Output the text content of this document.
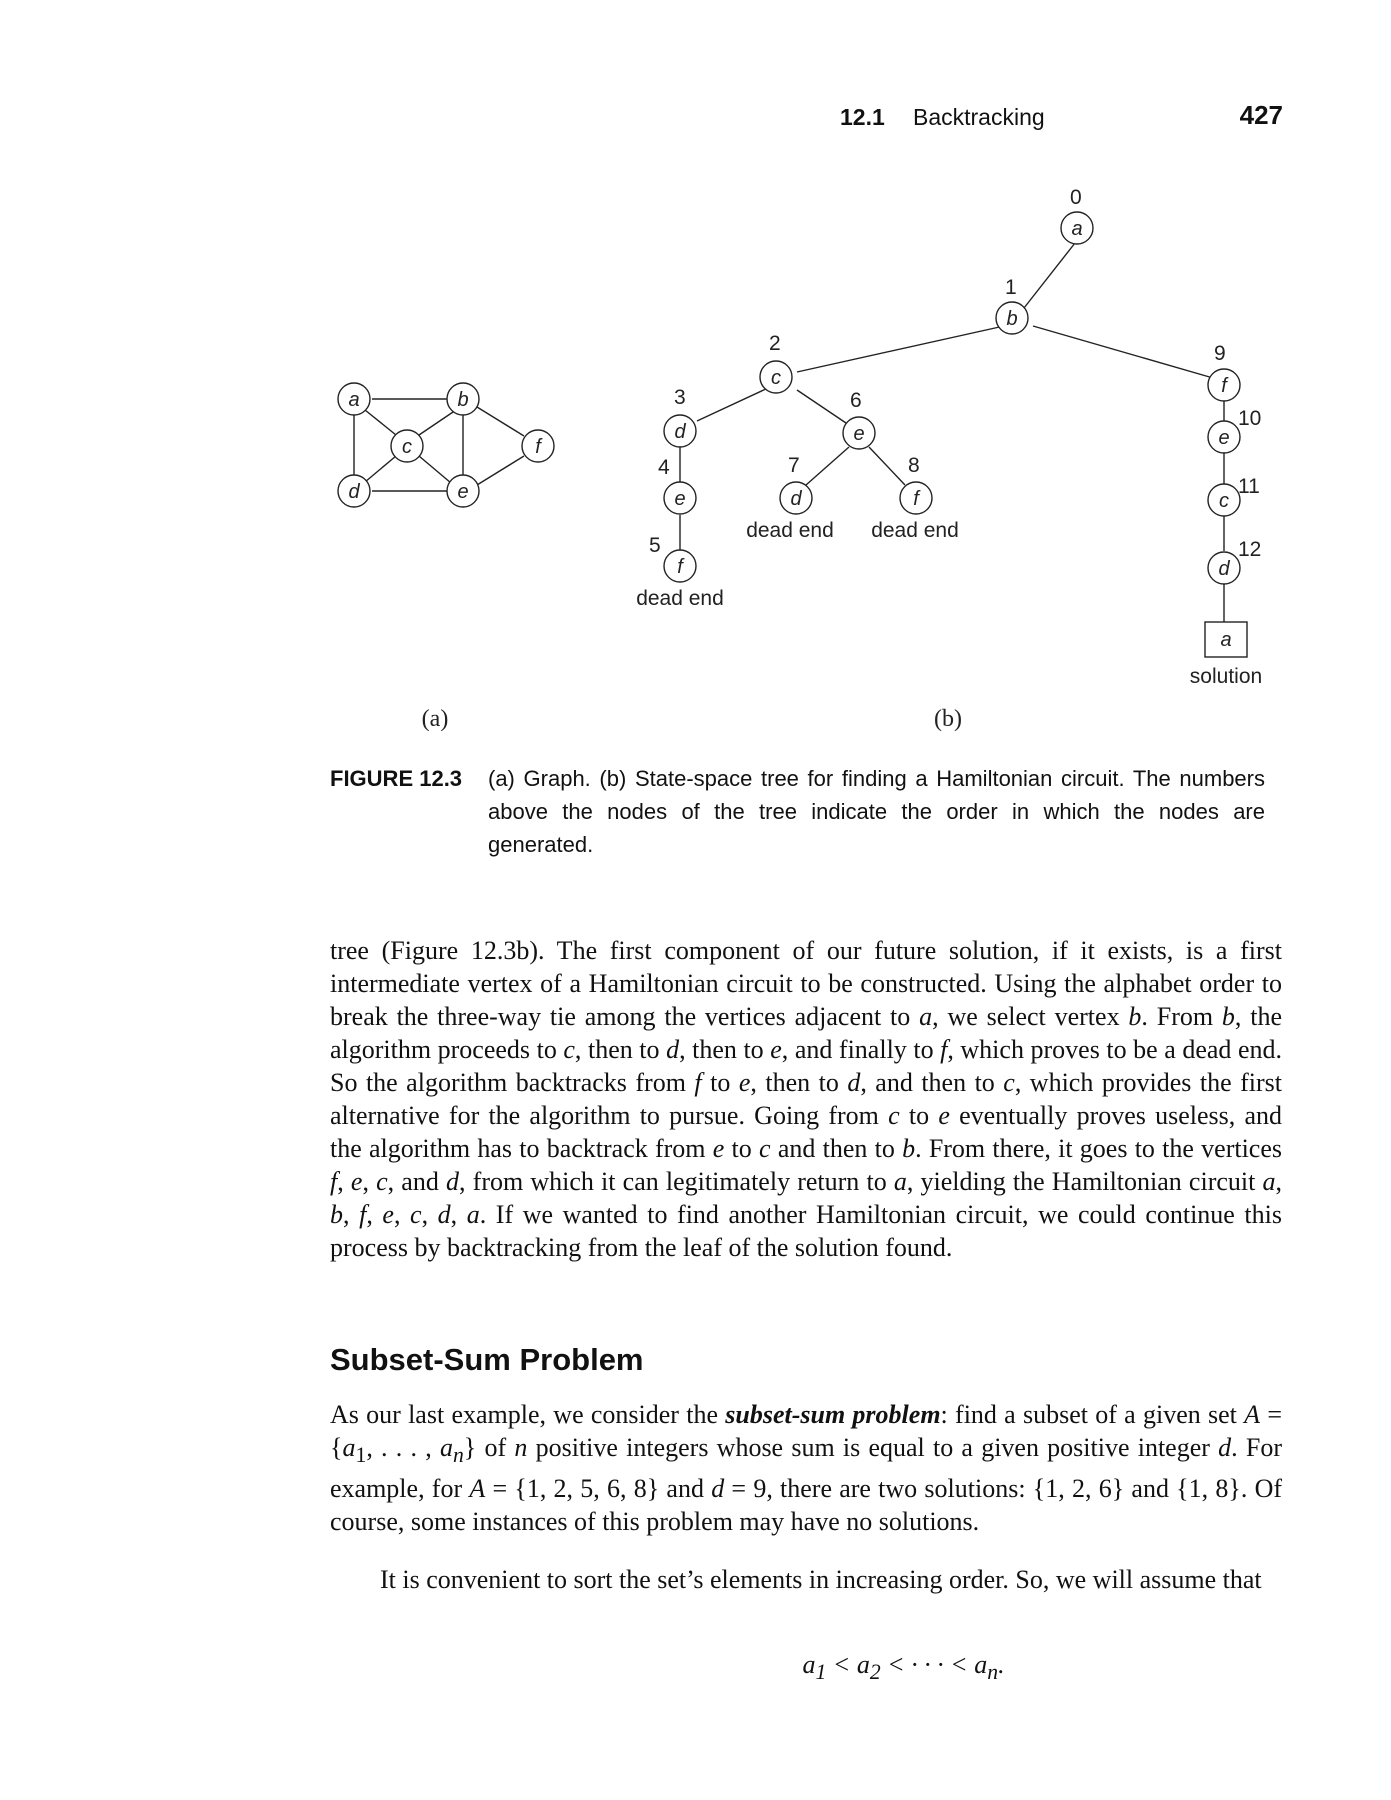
12.1 Backtracking	427
a	b
c
d	e
f
a
b
c
d
e
f
e
d	f
f
e
c
d
a
0
1
2
3
4
5
6
7	8
9
10
11
12
dead end
dead end dead end
solution
(a)	(b)
FIGURE 12.3 (a) Graph. (b) State-space tree for finding a Hamiltonian circuit. The numbers above the nodes of the tree indicate the order in which the nodes are generated.

tree (Figure 12.3b). The first component of our future solution, if it exists, is a first intermediate vertex of a Hamiltonian circuit to be constructed. Using the alphabet order to break the three-way tie among the vertices adjacent to a, we select vertex b. From b, the algorithm proceeds to c, then to d, then to e, and finally to f, which proves to be a dead end. So the algorithm backtracks from f to e, then to d, and then to c, which provides the first alternative for the algorithm to pursue. Going from c to e eventually proves useless, and the algorithm has to backtrack from e to c and then to b. From there, it goes to the vertices f, e, c, and d, from which it can legitimately return to a, yielding the Hamiltonian circuit a, b, f, e, c, d, a. If we wanted to find another Hamiltonian circuit, we could continue this process by backtracking from the leaf of the solution found.

Subset-Sum Problem

As our last example, we consider the subset-sum problem: find a subset of a given set $A = \{a_1$, . . . , $a_n$} of n positive integers whose sum is equal to a given positive integer d. For example, for A = {1, 2, 5, 6, 8} and d = 9, there are two solutions: {1, 2, 6} and {1, 8}. Of course, some instances of this problem may have no solutions.

It is convenient to sort the set’s elements in increasing order. So, we will assume that

$a_1 < a_2$ < · · · < $a_n$.
